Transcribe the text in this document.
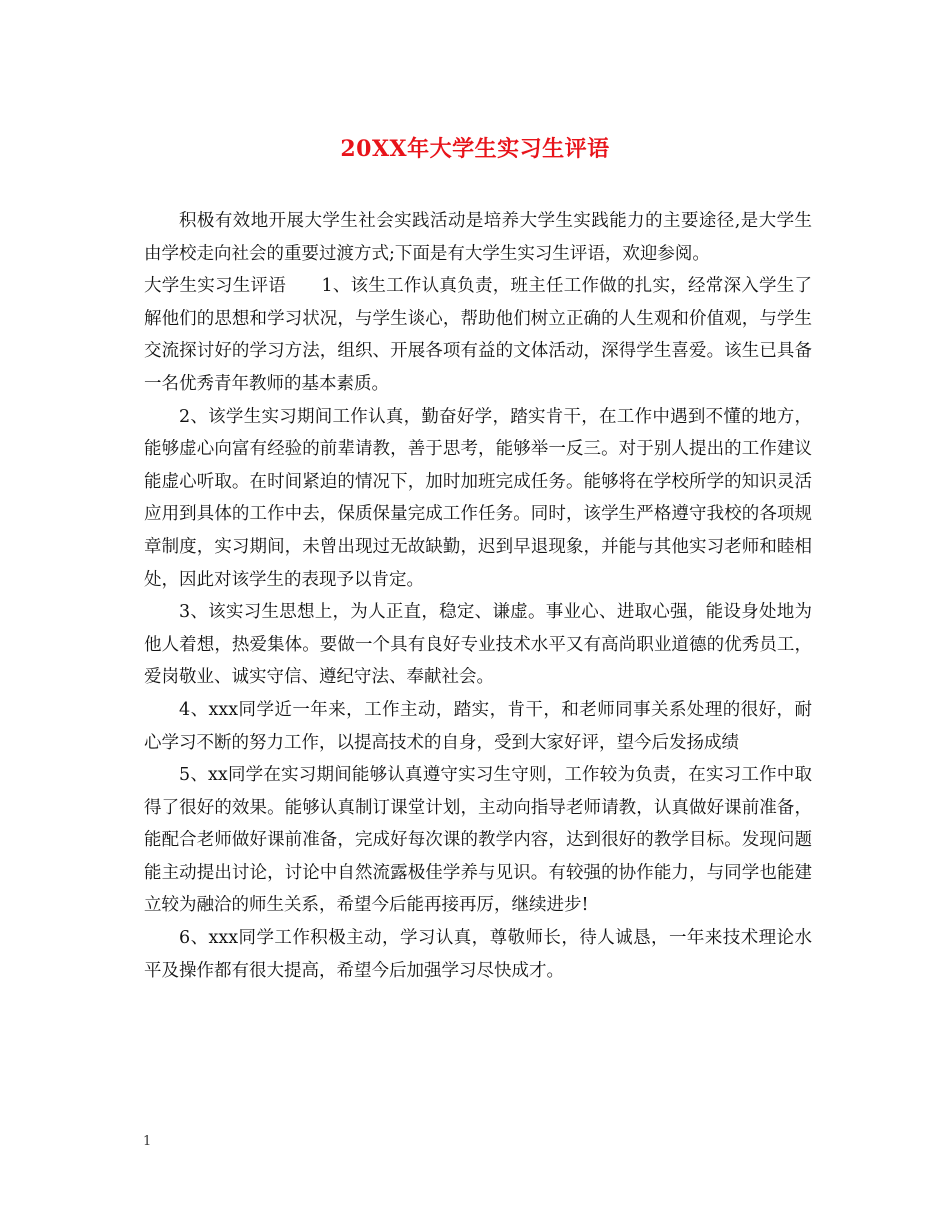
20XX年大学生实习生评语

积极有效地开展大学生社会实践活动是培养大学生实践能力的主要途径,是大学生由学校走向社会的重要过渡方式;下面是有大学生实习生评语，欢迎参阅。

大学生实习生评语　　1、该生工作认真负责，班主任工作做的扎实，经常深入学生了解他们的思想和学习状况，与学生谈心，帮助他们树立正确的人生观和价值观，与学生交流探讨好的学习方法，组织、开展各项有益的文体活动，深得学生喜爱。该生已具备一名优秀青年教师的基本素质。

2、该学生实习期间工作认真，勤奋好学，踏实肯干，在工作中遇到不懂的地方，能够虚心向富有经验的前辈请教，善于思考，能够举一反三。对于别人提出的工作建议能虚心听取。在时间紧迫的情况下，加时加班完成任务。能够将在学校所学的知识灵活应用到具体的工作中去，保质保量完成工作任务。同时，该学生严格遵守我校的各项规章制度，实习期间，未曾出现过无故缺勤，迟到早退现象，并能与其他实习老师和睦相处，因此对该学生的表现予以肯定。

3、该实习生思想上，为人正直，稳定、谦虚。事业心、进取心强，能设身处地为他人着想，热爱集体。要做一个具有良好专业技术水平又有高尚职业道德的优秀员工，爱岗敬业、诚实守信、遵纪守法、奉献社会。

4、xxx同学近一年来，工作主动，踏实，肯干，和老师同事关系处理的很好，耐心学习不断的努力工作，以提高技术的自身，受到大家好评，望今后发扬成绩

5、xx同学在实习期间能够认真遵守实习生守则，工作较为负责，在实习工作中取得了很好的效果。能够认真制订课堂计划，主动向指导老师请教，认真做好课前准备，能配合老师做好课前准备，完成好每次课的教学内容，达到很好的教学目标。发现问题能主动提出讨论，讨论中自然流露极佳学养与见识。有较强的协作能力，与同学也能建立较为融洽的师生关系，希望今后能再接再厉，继续进步!

6、xxx同学工作积极主动，学习认真，尊敬师长，待人诚恳，一年来技术理论水平及操作都有很大提高，希望今后加强学习尽快成才。

1
